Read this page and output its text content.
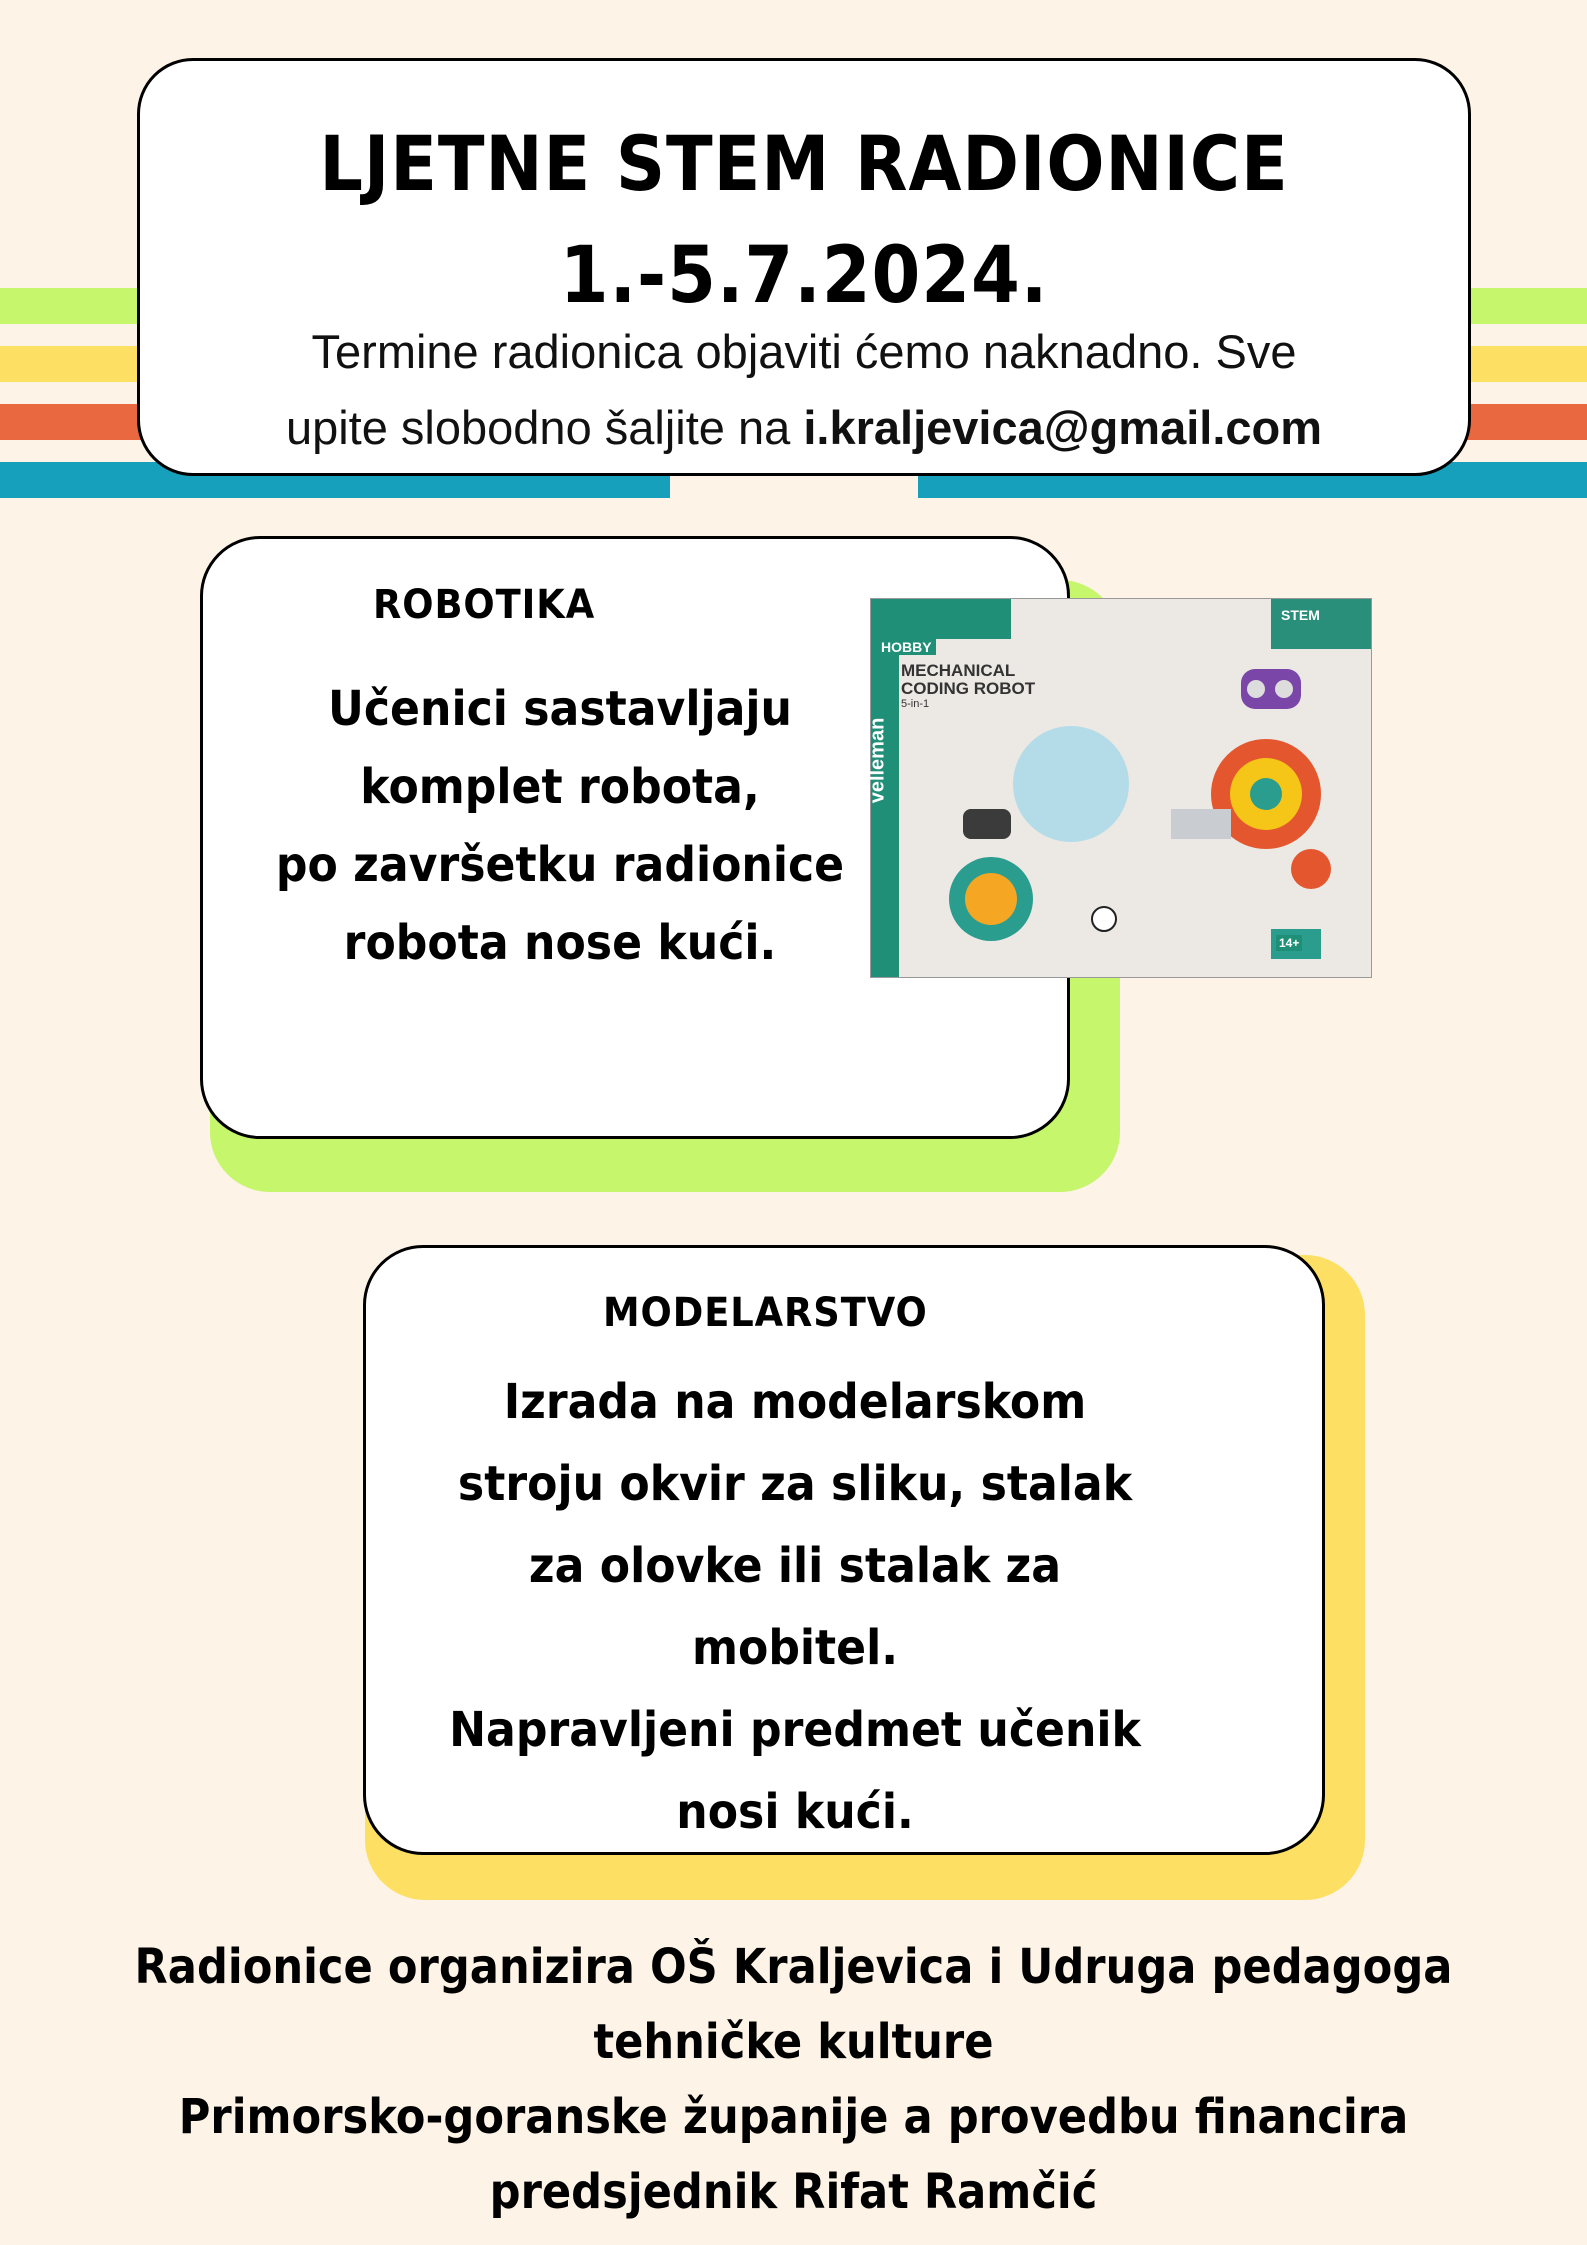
LJETNE STEM RADIONICE
1.-5.7.2024.
Termine radionica objaviti ćemo naknadno. Sve
upite slobodno šaljite na i.kraljevica@gmail.com
ROBOTIKA
Učenici sastavljaju
komplet robota,
po završetku radionice
robota nose kući.
HOBBY
velleman
MECHANICAL
CODING ROBOT
5-in-1
STEM
14+
MODELARSTVO
Izrada na modelarskom
stroju okvir za sliku, stalak
za olovke ili stalak za
mobitel.
Napravljeni predmet učenik
nosi kući.
Radionice organizira OŠ Kraljevica i Udruga pedagoga
tehničke kulture
Primorsko-goranske županije a provedbu financira
predsjednik Rifat Ramčić
